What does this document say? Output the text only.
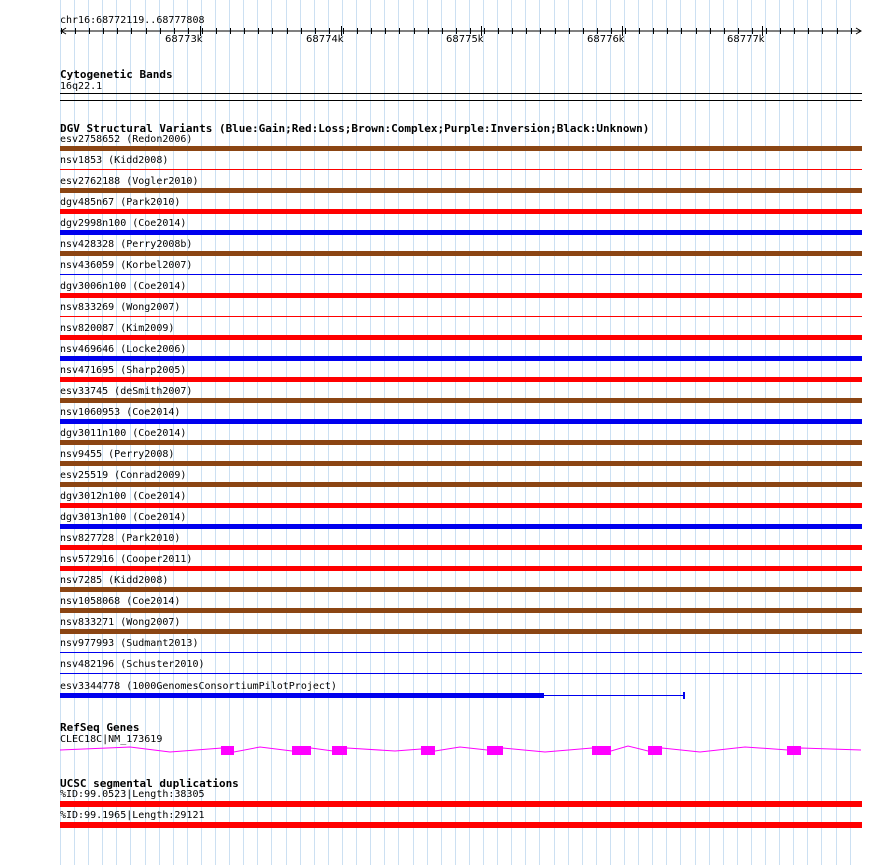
chr16:68772119..68777808
68773k	68774k	68775k	68776k	68777k
Cytogenetic Bands
16q22.1
DGV Structural Variants (Blue:Gain;Red:Loss;Brown:Complex;Purple:Inversion;Black:Unknown)
esv2758652 (Redon2006)
nsv1853 (Kidd2008)
esv2762188 (Vogler2010)
dgv485n67 (Park2010)
dgv2998n100 (Coe2014)
nsv428328 (Perry2008b)
nsv436059 (Korbel2007)
dgv3006n100 (Coe2014)
nsv833269 (Wong2007)
nsv820087 (Kim2009)
nsv469646 (Locke2006)
nsv471695 (Sharp2005)
esv33745 (deSmith2007)
nsv1060953 (Coe2014)
dgv3011n100 (Coe2014)
nsv9455 (Perry2008)
esv25519 (Conrad2009)
dgv3012n100 (Coe2014)
dgv3013n100 (Coe2014)
nsv827728 (Park2010)
nsv572916 (Cooper2011)
nsv7285 (Kidd2008)
nsv1058068 (Coe2014)
nsv833271 (Wong2007)
nsv977993 (Sudmant2013)
nsv482196 (Schuster2010)
esv3344778 (1000GenomesConsortiumPilotProject)
RefSeq Genes
CLEC18C|NM_173619
UCSC segmental duplications
%ID:99.0523|Length:38305
%ID:99.1965|Length:29121
